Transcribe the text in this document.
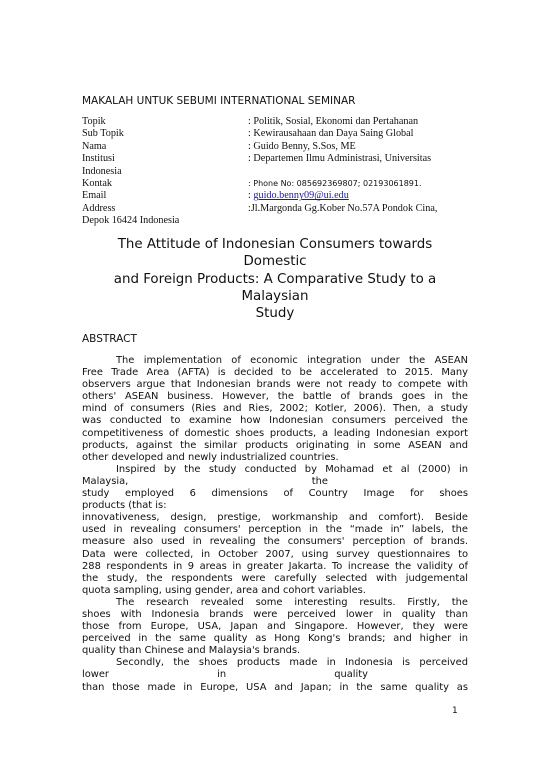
MAKALAH UNTUK SEBUMI INTERNATIONAL SEMINAR
Topik	: Politik, Sosial, Ekonomi dan Pertahanan
Sub Topik	: Kewirausahaan dan Daya Saing Global
Nama	: Guido Benny, S.Sos, ME
Institusi	: Departemen Ilmu Administrasi, Universitas
Indonesia
Kontak	: Phone No: 085692369807; 02193061891.
Email	: guido.benny09@ui.edu
Address	:Jl.Margonda Gg.Kober No.57A Pondok Cina,
Depok 16424 Indonesia
The Attitude of Indonesian Consumers towards
Domestic
and Foreign Products: A Comparative Study to a
Malaysian
Study
ABSTRACT
The implementation of economic integration under the ASEAN
Free Trade Area (AFTA) is decided to be accelerated to 2015. Many
observers argue that Indonesian brands were not ready to compete with
others' ASEAN business. However, the battle of brands goes in the
mind of consumers (Ries and Ries, 2002; Kotler, 2006). Then, a study
was conducted to examine how Indonesian consumers perceived the
competitiveness of domestic shoes products, a leading Indonesian export
products, against the similar products originating in some ASEAN and
other developed and newly industrialized countries.
Inspired by the study conducted by Mohamad et al (2000) in
Malaysia,	the
study employed 6 dimensions of Country Image for shoes
products (that is:
innovativeness, design, prestige, workmanship and comfort). Beside
used in revealing consumers' perception in the “made in” labels, the
measure also used in revealing the consumers' perception of brands.
Data were collected, in October 2007, using survey questionnaires to
288 respondents in 9 areas in greater Jakarta. To increase the validity of
the study, the respondents were carefully selected with judgemental
quota sampling, using gender, area and cohort variables.
The research revealed some interesting results. Firstly, the
shoes with Indonesia brands were perceived lower in quality than
those from Europe, USA, Japan and Singapore. However, they were
perceived in the same quality as Hong Kong's brands; and higher in
quality than Chinese and Malaysia's brands.
Secondly, the shoes products made in Indonesia is perceived
lower	in	quality
than those made in Europe, USA and Japan; in the same quality as
1
